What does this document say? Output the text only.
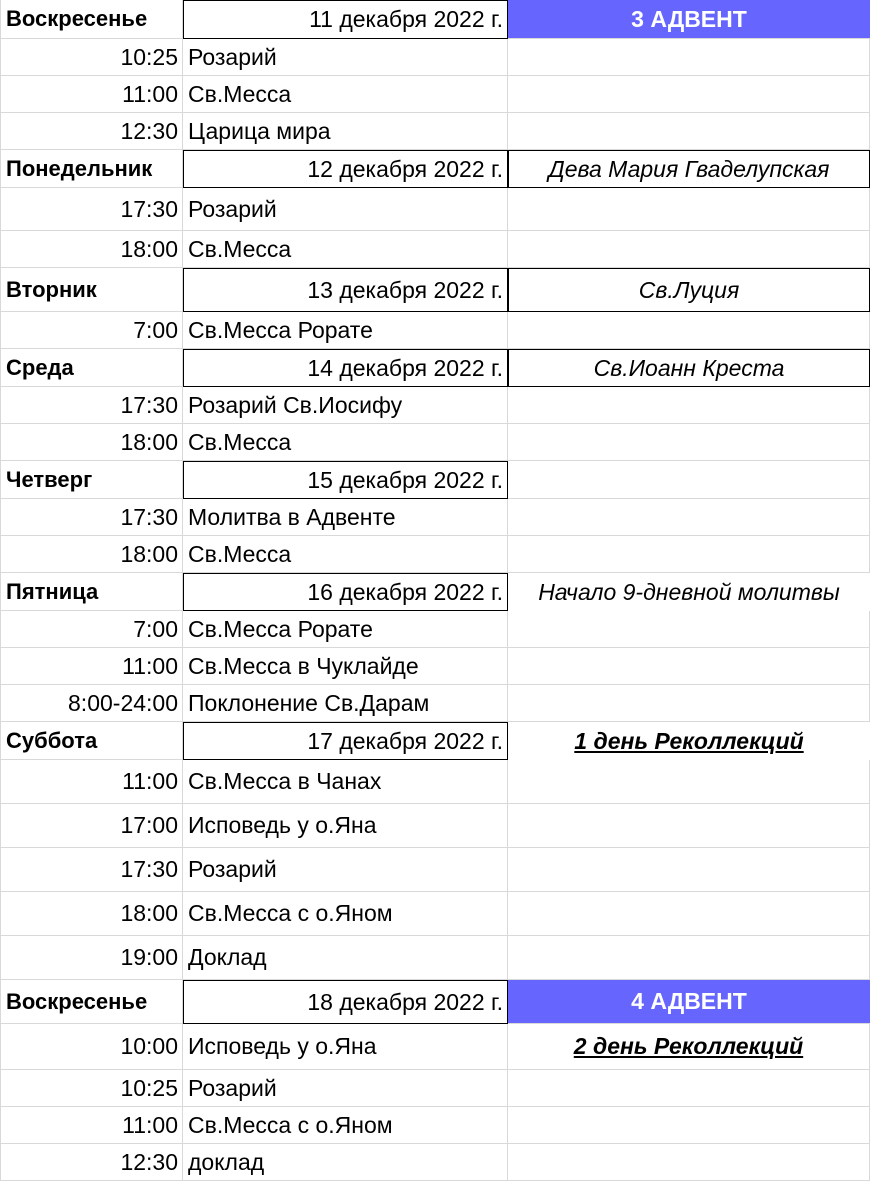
Воскресенье	11 декабря 2022 г.	3 АДВЕНТ
10:25 Розарий
11:00 Св.Месса
12:30 Царица мира
Понедельник	12 декабря 2022 г.	Дева Мария Гваделупская
17:30 Розарий
18:00 Св.Месса
Вторник	13 декабря 2022 г.	Св.Луция
7:00 Св.Месса Рорате
Среда	14 декабря 2022 г.	Св.Иоанн Креста
17:30 Розарий Св.Иосифу
18:00 Св.Месса
Четверг	15 декабря 2022 г.
17:30 Молитва в Адвенте
18:00 Св.Месса
Пятница	16 декабря 2022 г.	Начало 9-дневной молитвы
7:00 Св.Месса Рорате
11:00 Св.Месса в Чуклайде
8:00-24:00 Поклонение Св.Дарам
Суббота	17 декабря 2022 г.	1 день Реколлекций
11:00 Св.Месса в Чанах
17:00 Исповедь у о.Яна
17:30 Розарий
18:00 Св.Месса с о.Яном
19:00 Доклад
Воскресенье	18 декабря 2022 г.	4 АДВЕНТ
10:00 Исповедь у о.Яна	2 день Реколлекций
10:25 Розарий
11:00 Св.Месса с о.Яном
12:30 доклад
